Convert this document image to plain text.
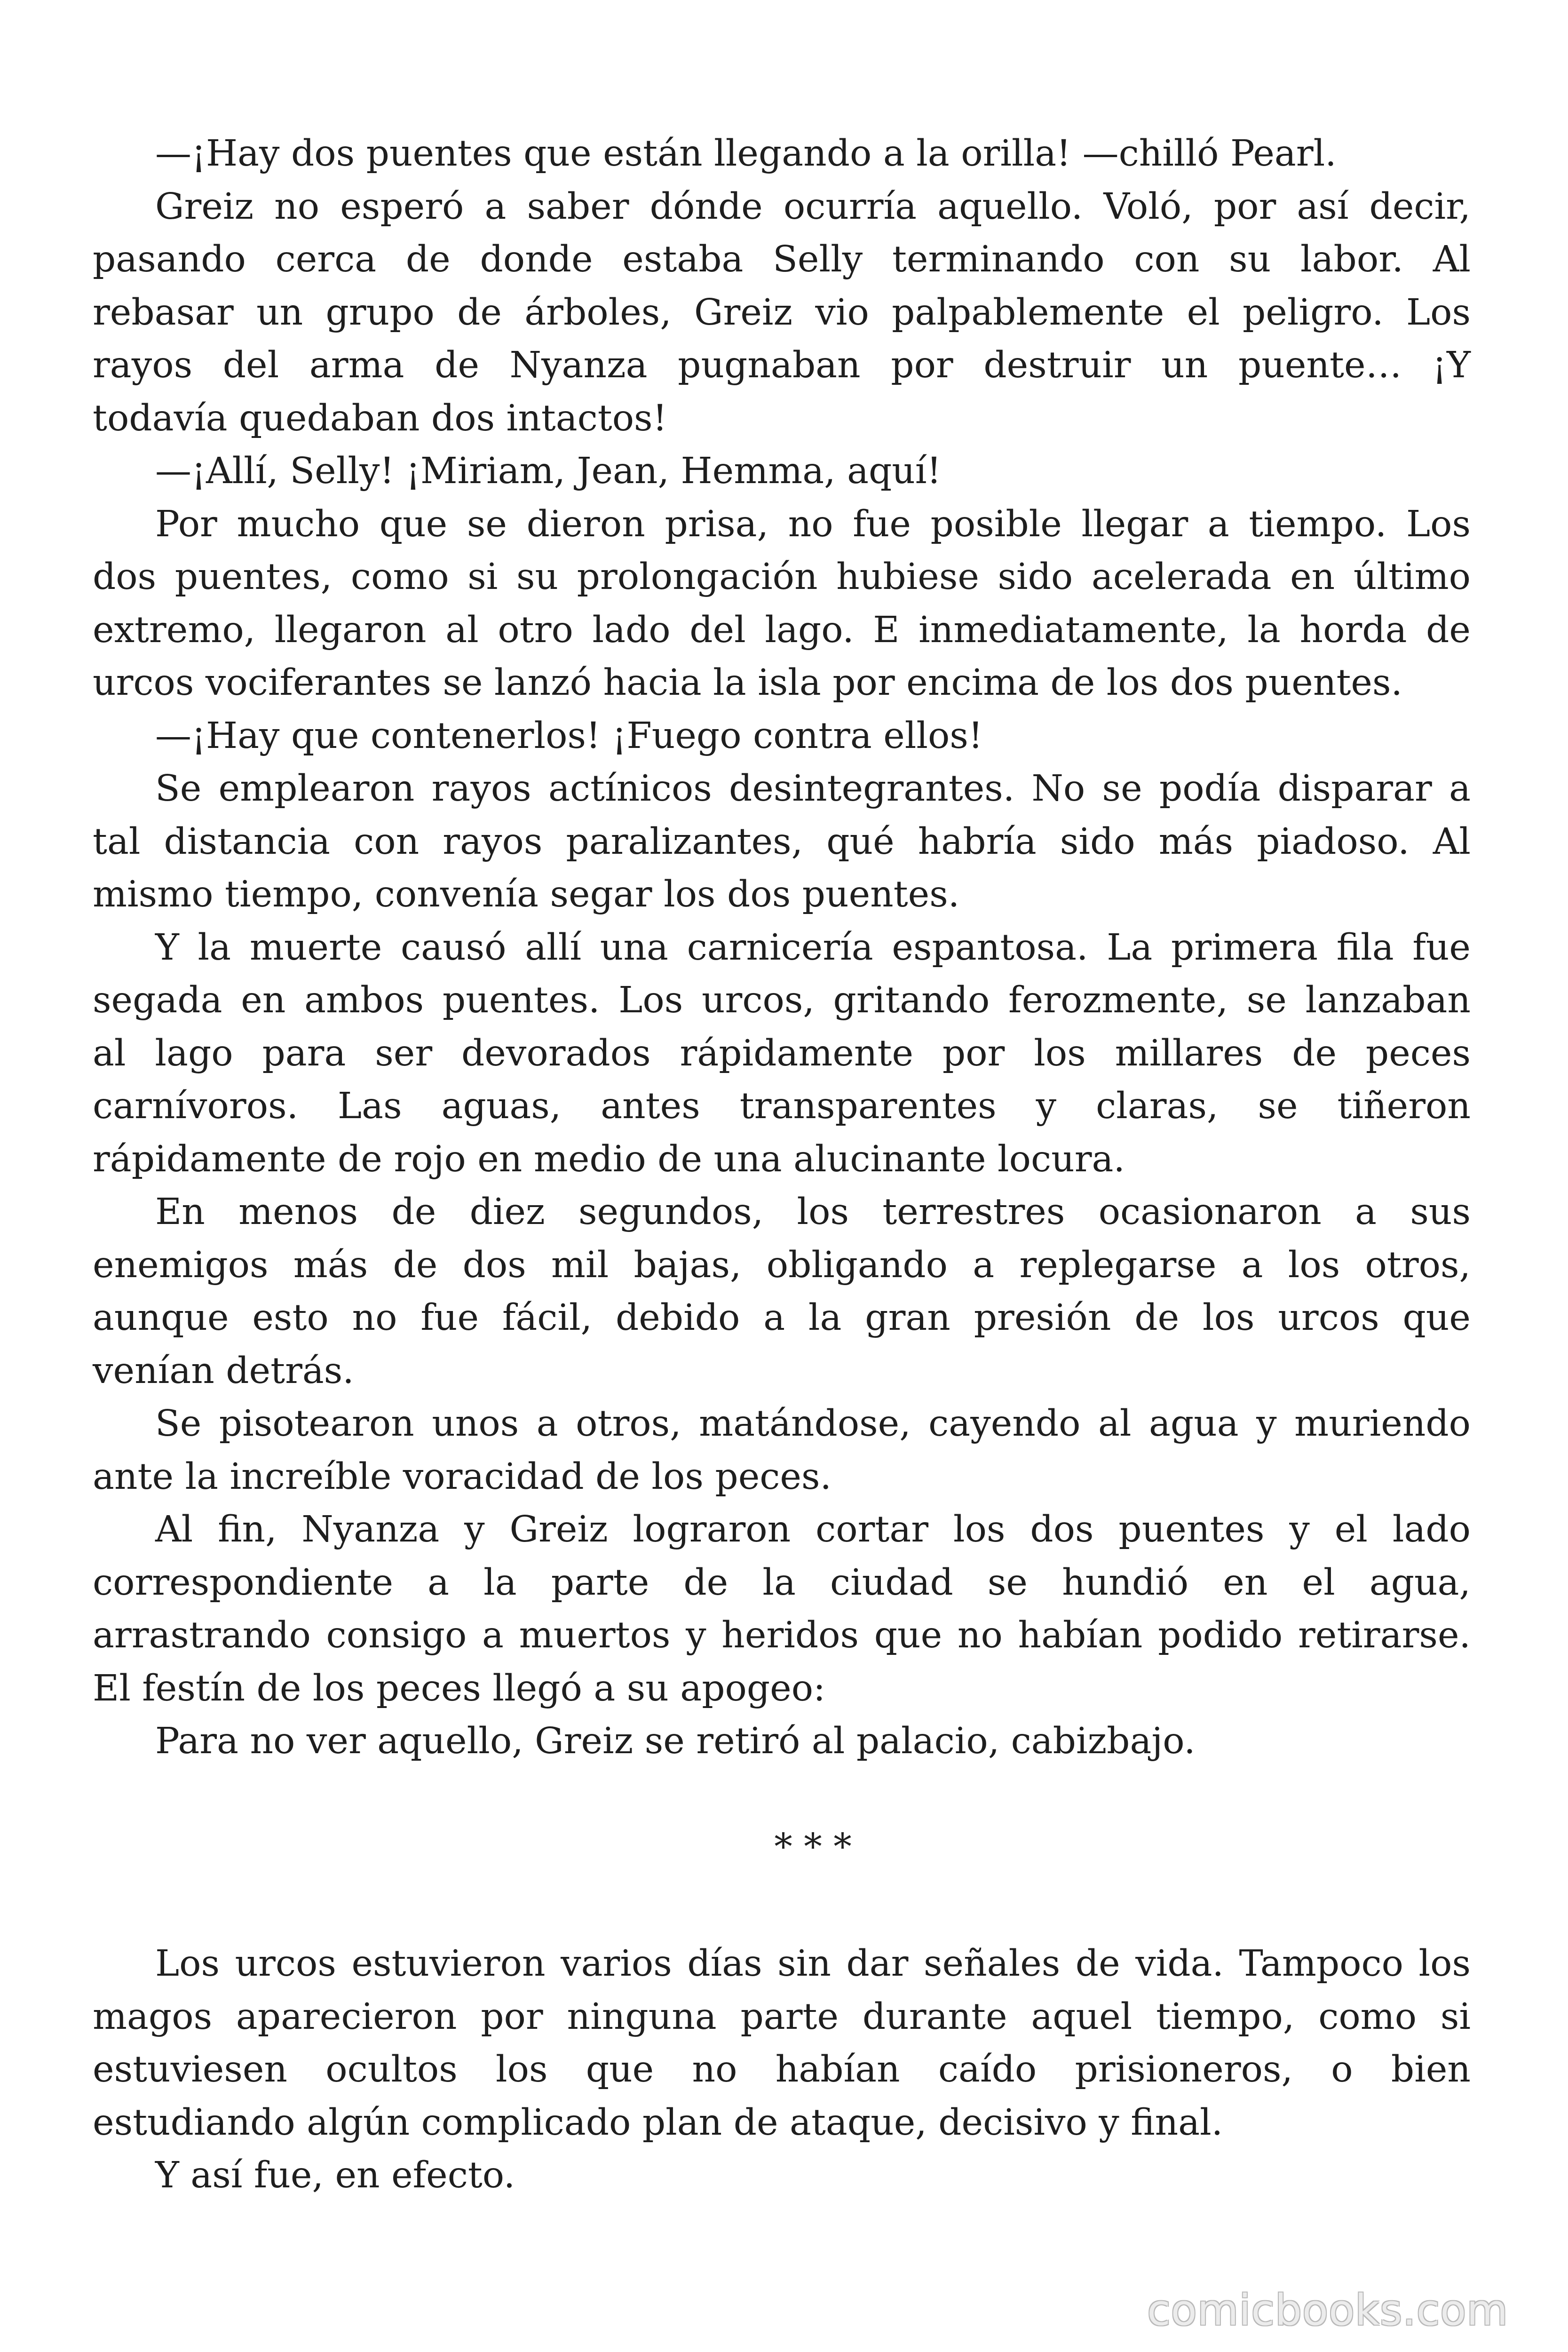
—¡Hay dos puentes que están llegando a la orilla! —chilló Pearl.
Greiz no esperó a saber dónde ocurría aquello. Voló, por así decir,
pasando cerca de donde estaba Selly terminando con su labor. Al
rebasar un grupo de árboles, Greiz vio palpablemente el peligro. Los
rayos del arma de Nyanza pugnaban por destruir un puente… ¡Y
todavía quedaban dos intactos!
—¡Allí, Selly! ¡Miriam, Jean, Hemma, aquí!
Por mucho que se dieron prisa, no fue posible llegar a tiempo. Los
dos puentes, como si su prolongación hubiese sido acelerada en último
extremo, llegaron al otro lado del lago. E inmediatamente, la horda de
urcos vociferantes se lanzó hacia la isla por encima de los dos puentes.
—¡Hay que contenerlos! ¡Fuego contra ellos!
Se emplearon rayos actínicos desintegrantes. No se podía disparar a
tal distancia con rayos paralizantes, qué habría sido más piadoso. Al
mismo tiempo, convenía segar los dos puentes.
Y la muerte causó allí una carnicería espantosa. La primera fila fue
segada en ambos puentes. Los urcos, gritando ferozmente, se lanzaban
al lago para ser devorados rápidamente por los millares de peces
carnívoros. Las aguas, antes transparentes y claras, se tiñeron
rápidamente de rojo en medio de una alucinante locura.
En menos de diez segundos, los terrestres ocasionaron a sus
enemigos más de dos mil bajas, obligando a replegarse a los otros,
aunque esto no fue fácil, debido a la gran presión de los urcos que
venían detrás.
Se pisotearon unos a otros, matándose, cayendo al agua y muriendo
ante la increíble voracidad de los peces.
Al fin, Nyanza y Greiz lograron cortar los dos puentes y el lado
correspondiente a la parte de la ciudad se hundió en el agua,
arrastrando consigo a muertos y heridos que no habían podido retirarse.
El festín de los peces llegó a su apogeo:
Para no ver aquello, Greiz se retiró al palacio, cabizbajo.
* * *
Los urcos estuvieron varios días sin dar señales de vida. Tampoco los
magos aparecieron por ninguna parte durante aquel tiempo, como si
estuviesen ocultos los que no habían caído prisioneros, o bien
estudiando algún complicado plan de ataque, decisivo y final.
Y así fue, en efecto.
comicbooks.com
